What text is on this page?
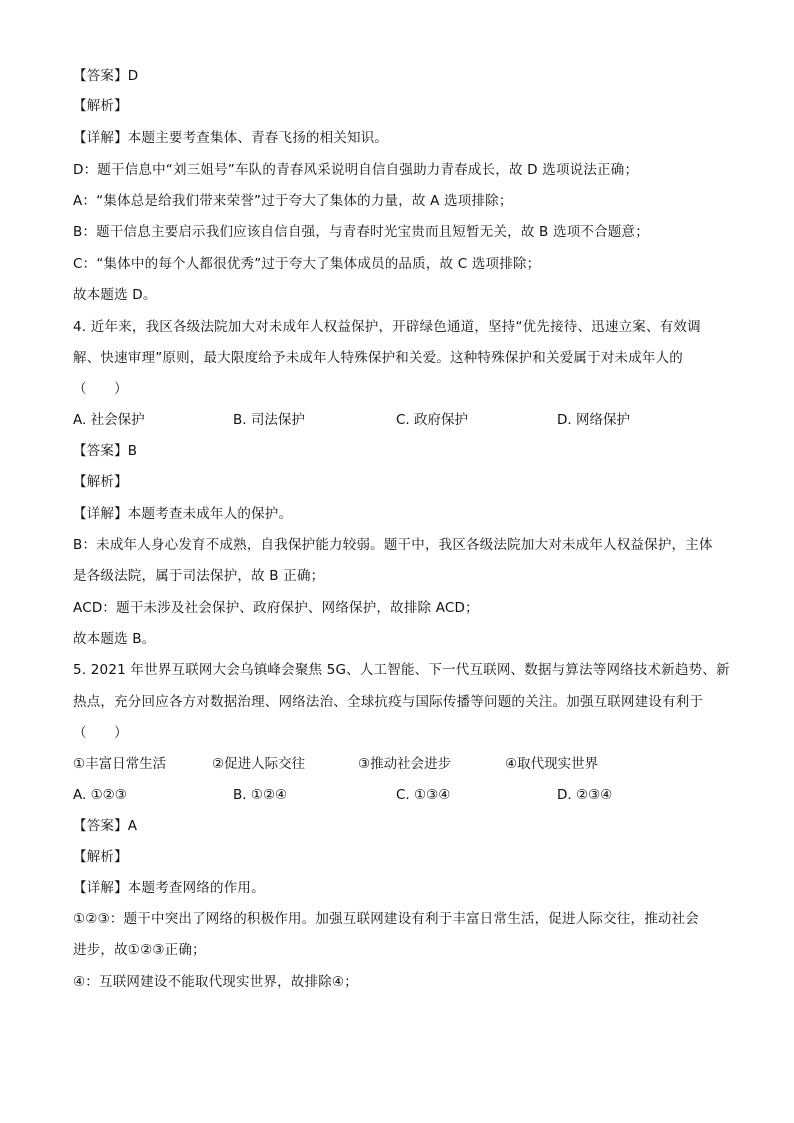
【答案】D
【解析】
【详解】本题主要考查集体、青春飞扬的相关知识。
D：题干信息中“刘三姐号”车队的青春风采说明自信自强助力青春成长，故 D 选项说法正确；
A：“集体总是给我们带来荣誉”过于夸大了集体的力量，故 A 选项排除；
B：题干信息主要启示我们应该自信自强，与青春时光宝贵而且短暂无关，故 B 选项不合题意；
C：“集体中的每个人都很优秀”过于夸大了集体成员的品质，故 C 选项排除；
故本题选 D。
4. 近年来，我区各级法院加大对未成年人权益保护，开辟绿色通道，坚持“优先接待、迅速立案、有效调
解、快速审理”原则，最大限度给予未成年人特殊保护和关爱。这种特殊保护和关爱属于对未成年人的
（　　）
A. 社会保护	B. 司法保护	C. 政府保护	D. 网络保护
【答案】B
【解析】
【详解】本题考查未成年人的保护。
B：未成年人身心发育不成熟，自我保护能力较弱。题干中，我区各级法院加大对未成年人权益保护，主体
是各级法院，属于司法保护，故 B 正确；
ACD：题干未涉及社会保护、政府保护、网络保护，故排除 ACD；
故本题选 B。
5. 2021 年世界互联网大会乌镇峰会聚焦 5G、人工智能、下一代互联网、数据与算法等网络技术新趋势、新
热点，充分回应各方对数据治理、网络法治、全球抗疫与国际传播等问题的关注。加强互联网建设有利于
（　　）
①丰富日常生活	②促进人际交往	③推动社会进步	④取代现实世界
A. ①②③	B. ①②④	C. ①③④	D. ②③④
【答案】A
【解析】
【详解】本题考查网络的作用。
①②③：题干中突出了网络的积极作用。加强互联网建设有利于丰富日常生活，促进人际交往，推动社会
进步，故①②③正确；
④：互联网建设不能取代现实世界，故排除④；
